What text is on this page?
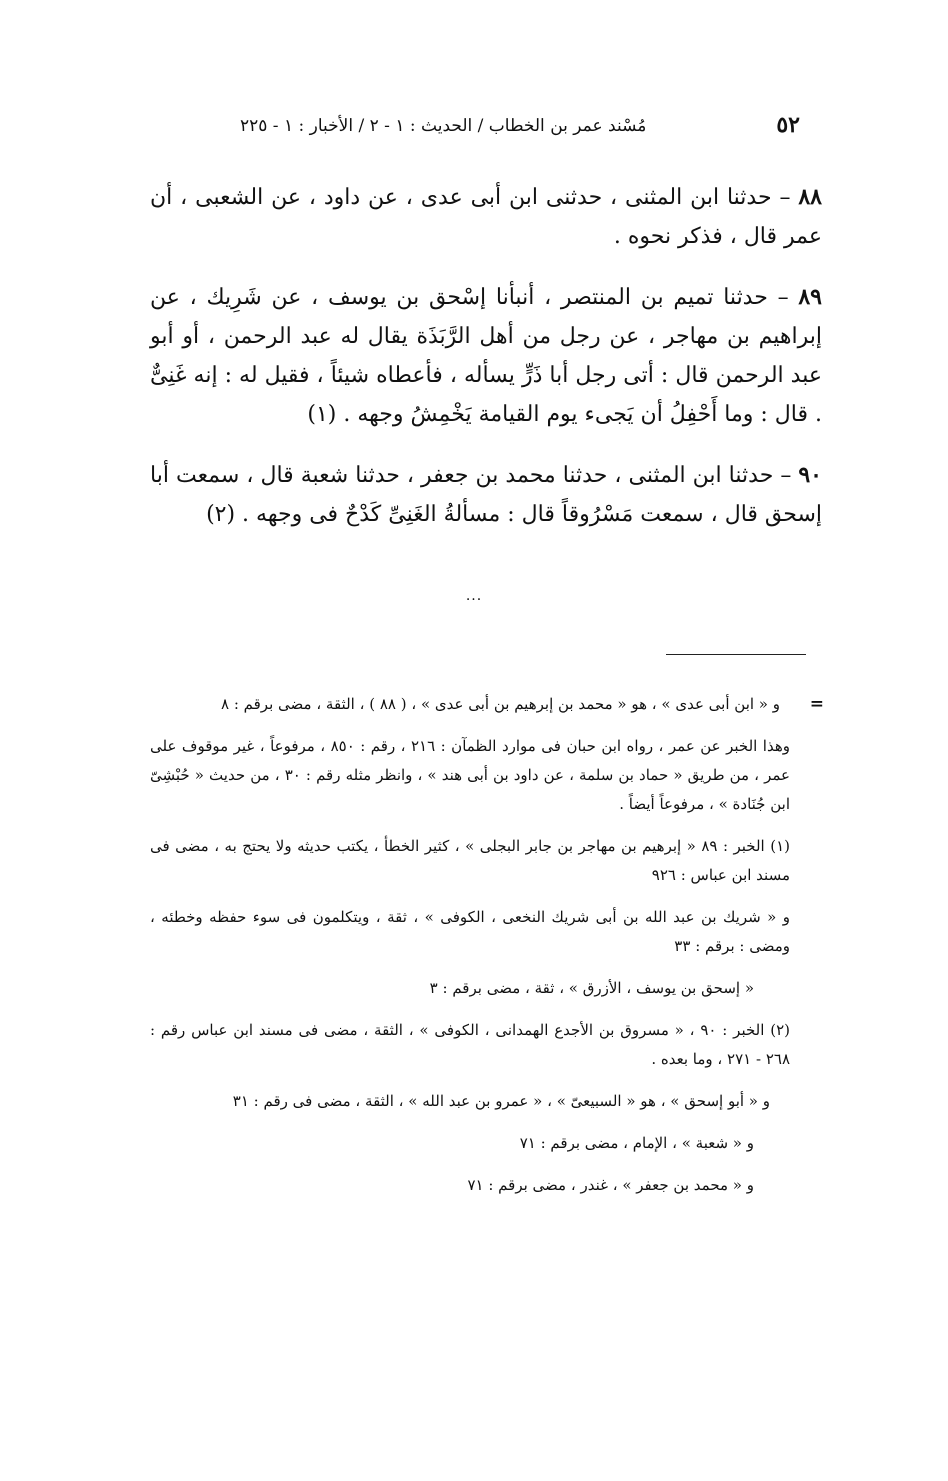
٥٢
مُسْند عمر بن الخطاب / الحديث : ١ - ٢ / الأخبار : ١ - ٢٢٥

٨٨ – حدثنا ابن المثنى ، حدثنى ابن أبى عدى ، عن داود ، عن الشعبى ، أن عمر قال ، فذكر نحوه .

٨٩ – حدثنا تميم بن المنتصر ، أنبأنا إسْحق بن يوسف ، عن شَرِيك ، عن إبراهيم بن مهاجر ، عن رجل من أهل الرَّبَذَة يقال له عبد الرحمن ، أو أبو عبد الرحمن قال : أتى رجل أبا ذَرٍّ يسأله ، فأعطاه شيئاً ، فقيل له : إنه غَنِىٌّ . قال : وما أَحْفِلُ أن يَجىء يوم القيامة يَخْمِشُ وجهه . (١)

٩٠ – حدثنا ابن المثنى ، حدثنا محمد بن جعفر ، حدثنا شعبة قال ، سمعت أبا إسحق قال ، سمعت مَسْرُوقاً قال : مسألةُ الغَنِىِّ كَدْحٌ فى وجهه . (٢)

...

=
و « ابن أبى عدى » ، هو « محمد بن إبرهيم بن أبى عدى » ، ( ٨٨ ) ، الثقة ، مضى برقم : ٨

وهذا الخبر عن عمر ، رواه ابن حبان فى موارد الظمآن : ٢١٦ ، رقم : ٨٥٠ ، مرفوعاً ، غير موقوف على عمر ، من طريق « حماد بن سلمة ، عن داود بن أبى هند » ، وانظر مثله رقم : ٣٠ ، من حديث « حُبْشِىّ ابن جُنَادة » ، مرفوعاً أيضاً .

(١) الخبر : ٨٩ « إبرهيم بن مهاجر بن جابر البجلى » ، كثير الخطأ ، يكتب حديثه ولا يحتج به ، مضى فى مسند ابن عباس : ٩٢٦

و « شريك بن عبد الله بن أبى شريك النخعى ، الكوفى » ، ثقة ، ويتكلمون فى سوء حفظه وخطئه ، ومضى : برقم : ٣٣

« إسحق بن يوسف ، الأزرق » ، ثقة ، مضى برقم : ٣

(٢) الخبر : ٩٠ ، « مسروق بن الأجدع الهمدانى ، الكوفى » ، الثقة ، مضى فى مسند ابن عباس رقم : ٢٦٨ - ٢٧١ ، وما بعده .

و « أبو إسحق » ، هو « السبيعىّ » ، « عمرو بن عبد الله » ، الثقة ، مضى فى رقم : ٣١

و « شعبة » ، الإمام ، مضى برقم : ٧١

و « محمد بن جعفر » ، غندر ، مضى برقم : ٧١
